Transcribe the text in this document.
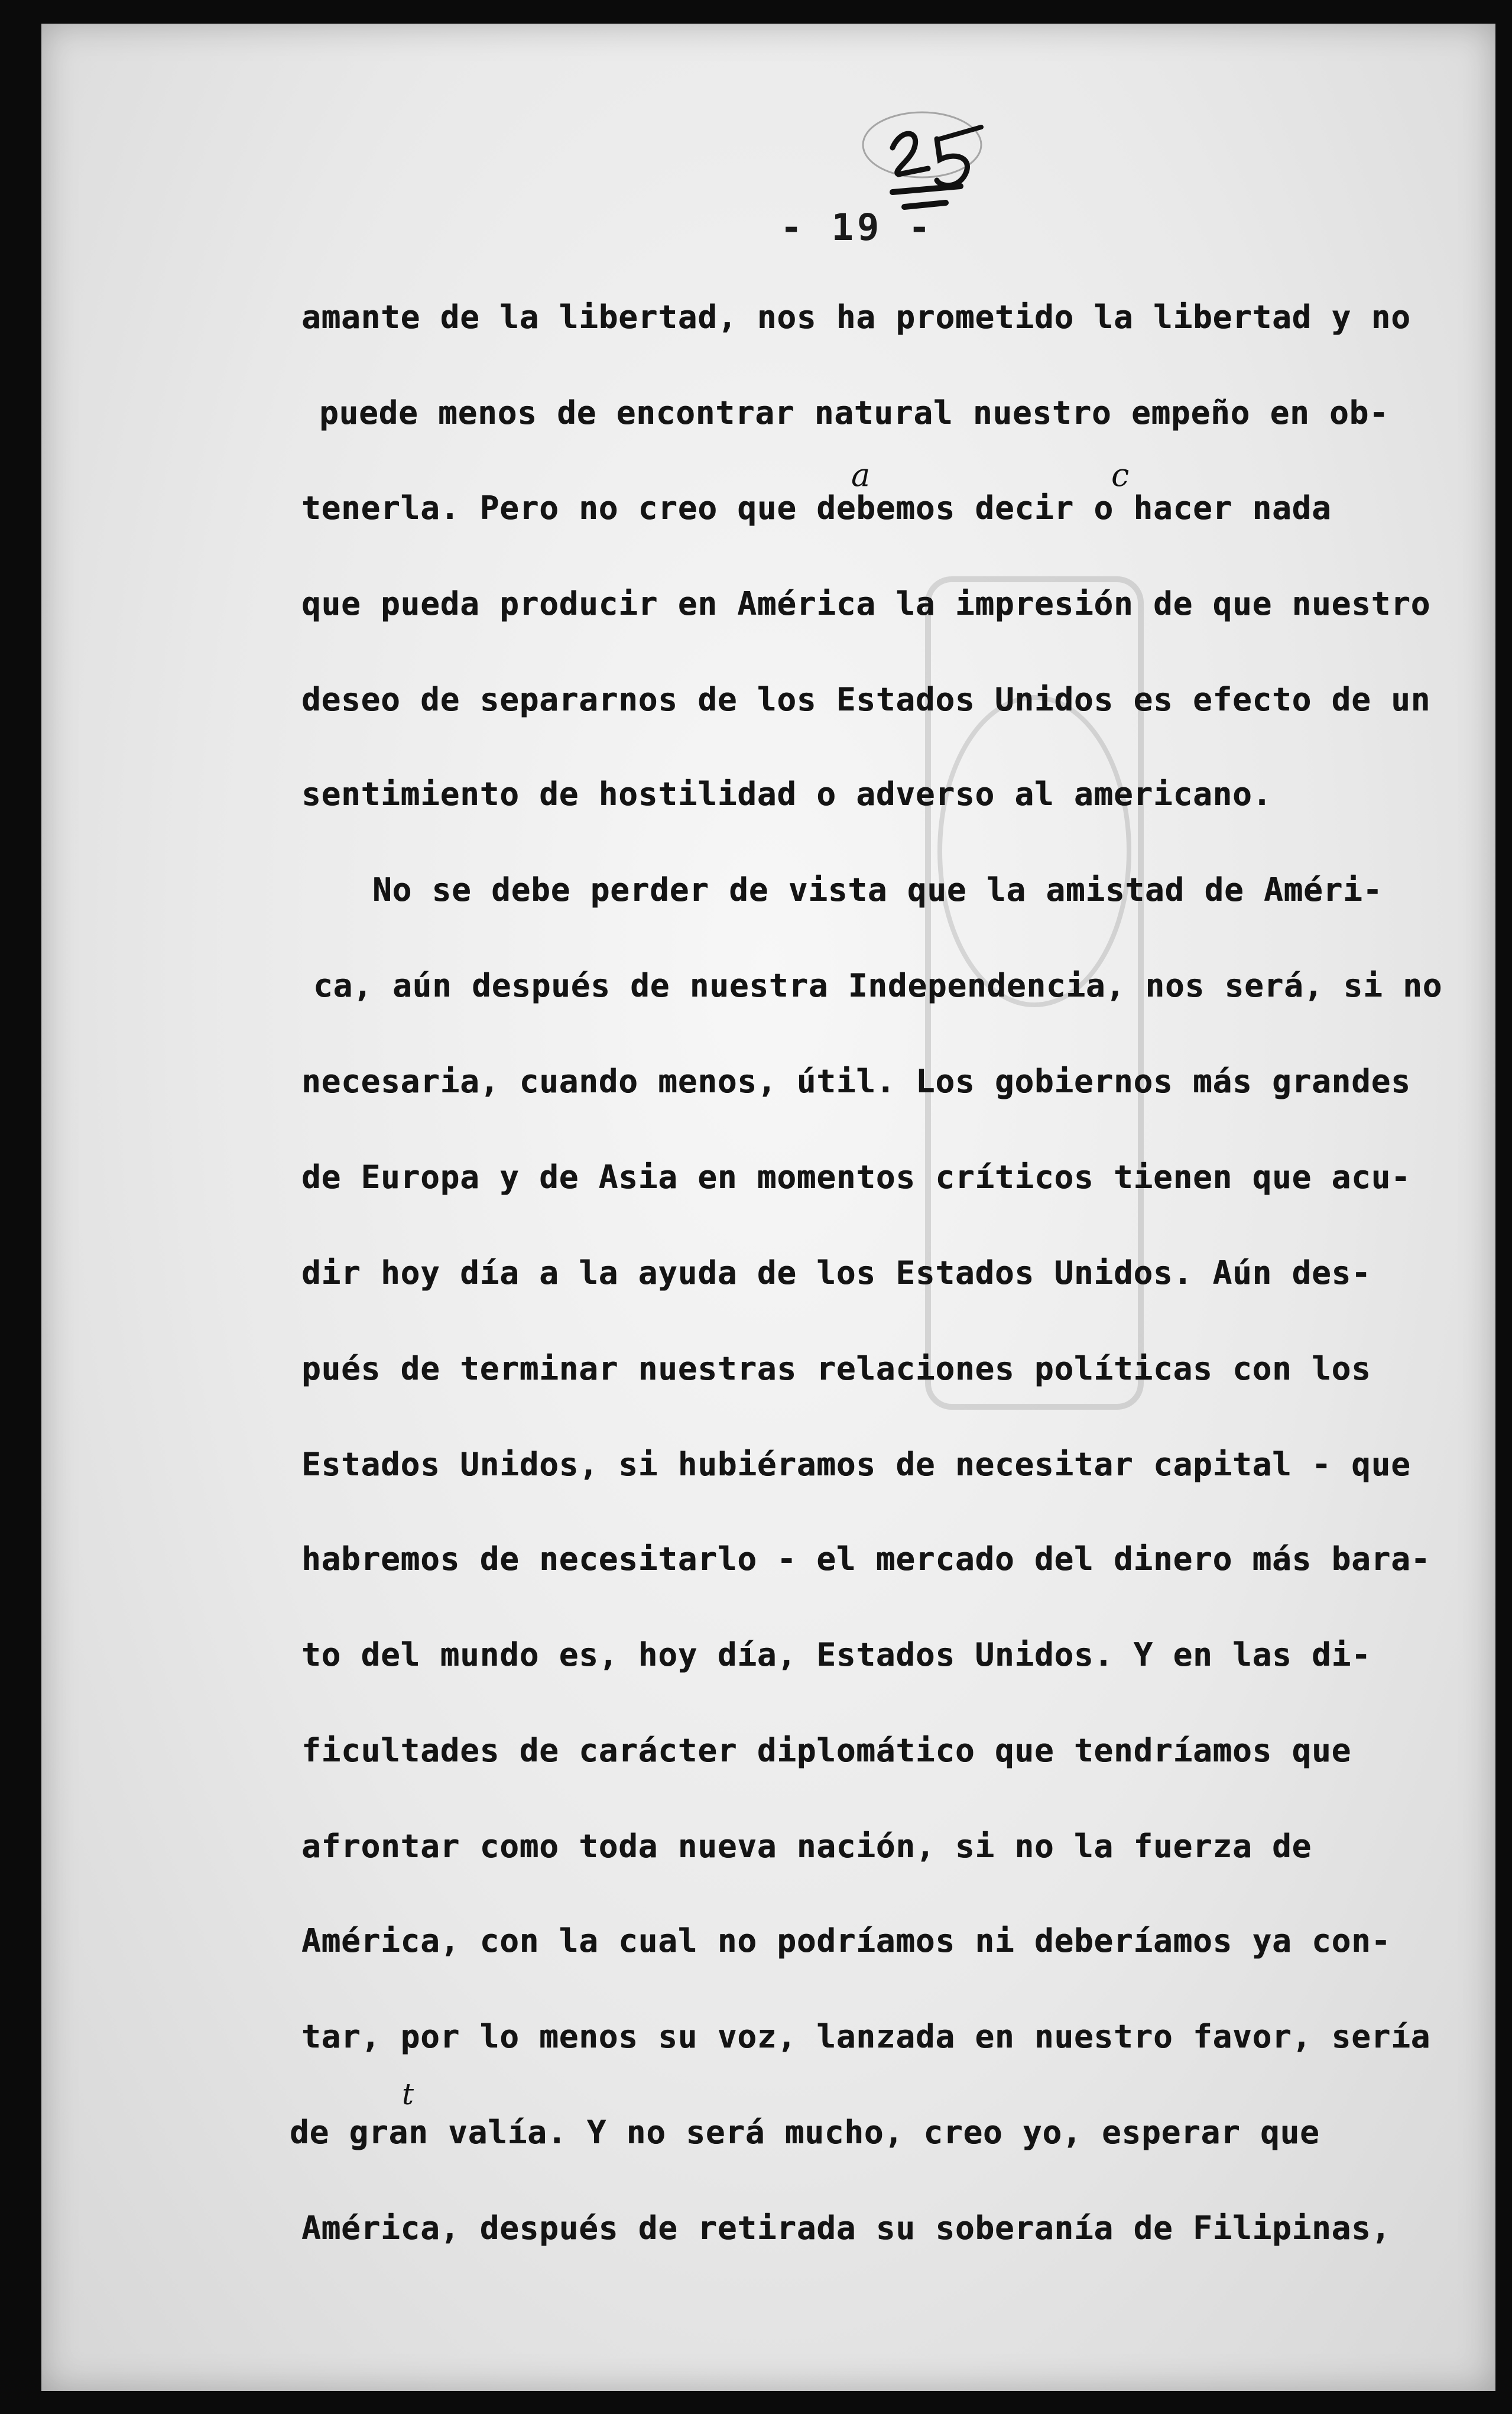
- 19 -
a	c
t
amante de la libertad, nos ha prometido la libertad y no
puede menos de encontrar natural nuestro empeño en ob-
tenerla. Pero no creo que debemos decir o hacer nada
que pueda producir en América la impresión de que nuestro
deseo de separarnos de los Estados Unidos es efecto de un
sentimiento de hostilidad o adverso al americano.
No se debe perder de vista que la amistad de Améri-
ca, aún después de nuestra Independencia, nos será, si no
necesaria, cuando menos, útil. Los gobiernos más grandes
de Europa y de Asia en momentos críticos tienen que acu-
dir hoy día a la ayuda de los Estados Unidos. Aún des-
pués de terminar nuestras relaciones políticas con los
Estados Unidos, si hubiéramos de necesitar capital - que
habremos de necesitarlo - el mercado del dinero más bara-
to del mundo es, hoy día, Estados Unidos. Y en las di-
ficultades de carácter diplomático que tendríamos que
afrontar como toda nueva nación, si no la fuerza de
América, con la cual no podríamos ni deberíamos ya con-
tar, por lo menos su voz, lanzada en nuestro favor, sería
de gran valía. Y no será mucho, creo yo, esperar que
América, después de retirada su soberanía de Filipinas,
